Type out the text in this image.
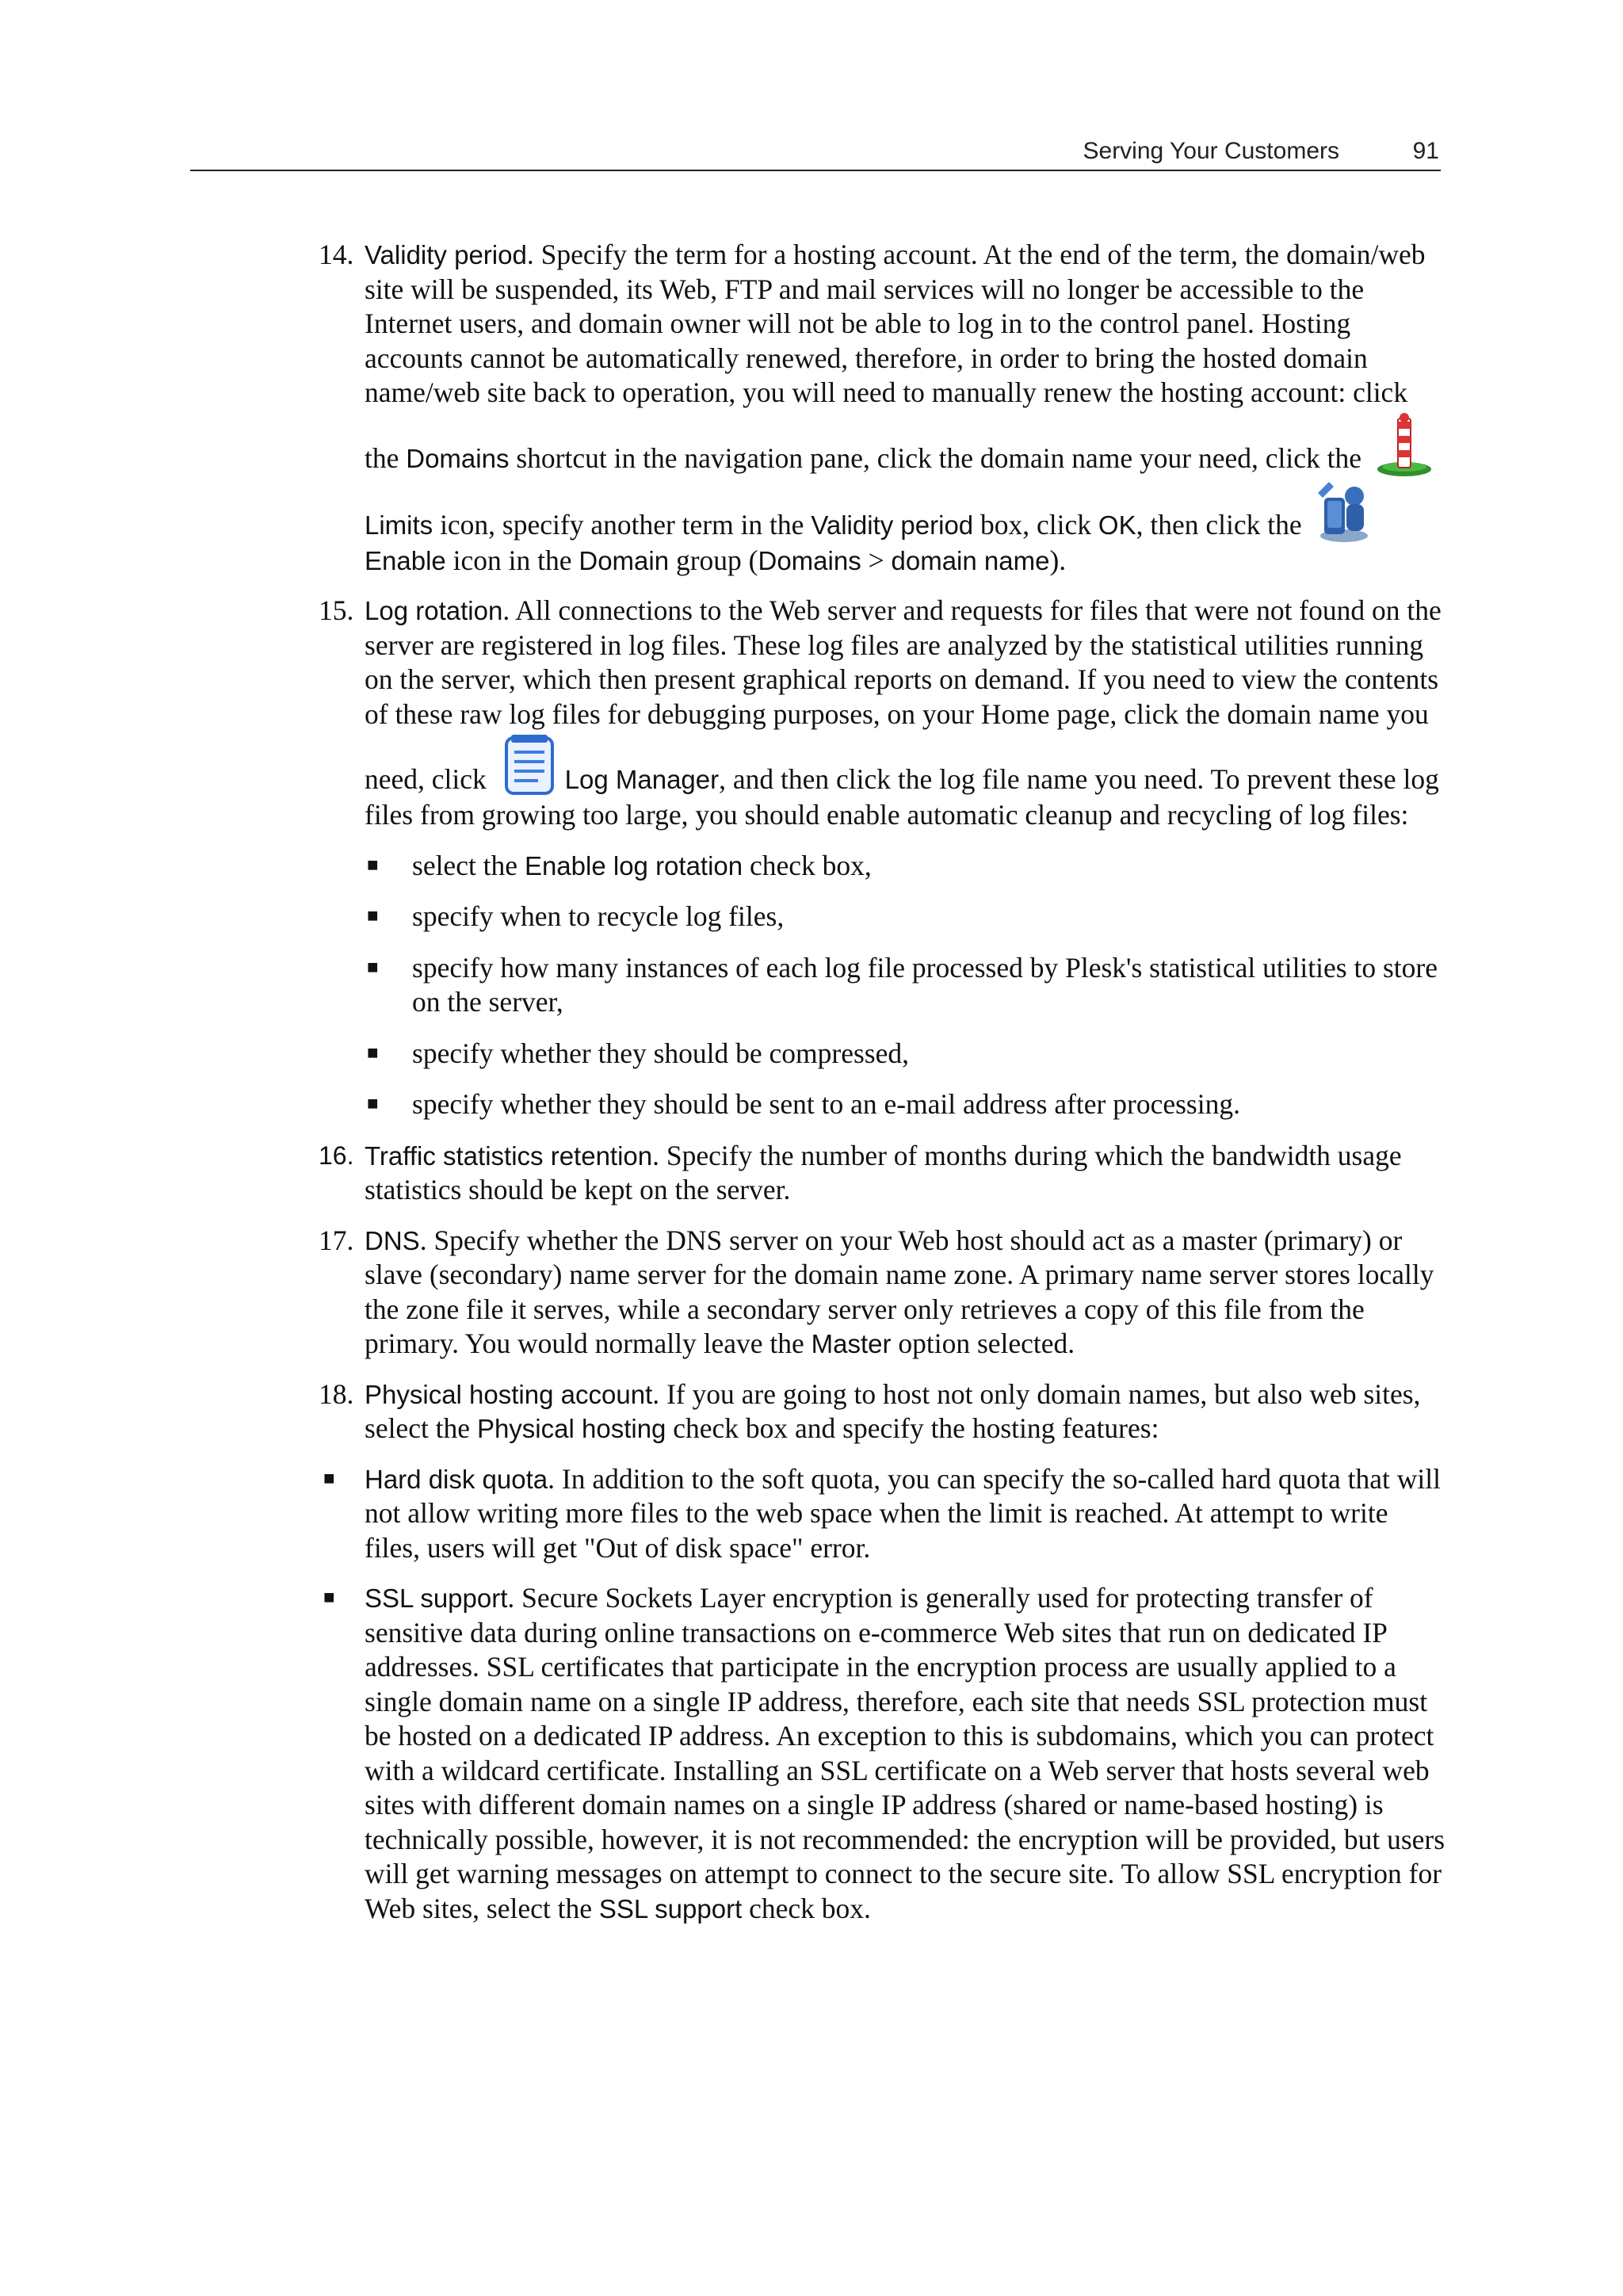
Serving Your Customers	91
14. Validity period. Specify the term for a hosting account. At the end of the term, the domain/web site will be suspended, its Web, FTP and mail services will no longer be accessible to the Internet users, and domain owner will not be able to log in to the control panel. Hosting accounts cannot be automatically renewed, therefore, in order to bring the hosted domain name/web site back to operation, you will need to manually renew the hosting account: click the Domains shortcut in the navigation pane, click the domain name your need, click the
Limits icon, specify another term in the Validity period box, click OK, then click the
Enable icon in the Domain group (Domains > domain name).
15. Log rotation. All connections to the Web server and requests for files that were not found on the server are registered in log files. These log files are analyzed by the statistical utilities running on the server, which then present graphical reports on demand. If you need to view the contents of these raw log files for debugging purposes, on your Home page, click the domain name you need, click	Log Manager, and then click the log file name you need. To prevent these log files from growing too large, you should enable automatic cleanup and recycling of log files:
■ select the Enable log rotation check box,
■ specify when to recycle log files,
■ specify how many instances of each log file processed by Plesk's statistical utilities to store on the server,
■ specify whether they should be compressed,
■ specify whether they should be sent to an e-mail address after processing.
16. Traffic statistics retention. Specify the number of months during which the bandwidth usage statistics should be kept on the server.
17. DNS. Specify whether the DNS server on your Web host should act as a master (primary) or slave (secondary) name server for the domain name zone. A primary name server stores locally the zone file it serves, while a secondary server only retrieves a copy of this file from the primary. You would normally leave the Master option selected.
18. Physical hosting account. If you are going to host not only domain names, but also web sites, select the Physical hosting check box and specify the hosting features:
■ Hard disk quota. In addition to the soft quota, you can specify the so-called hard quota that will not allow writing more files to the web space when the limit is reached. At attempt to write files, users will get "Out of disk space" error.
■ SSL support. Secure Sockets Layer encryption is generally used for protecting transfer of sensitive data during online transactions on e-commerce Web sites that run on dedicated IP addresses. SSL certificates that participate in the encryption process are usually applied to a single domain name on a single IP address, therefore, each site that needs SSL protection must be hosted on a dedicated IP address. An exception to this is subdomains, which you can protect with a wildcard certificate. Installing an SSL certificate on a Web server that hosts several web sites with different domain names on a single IP address (shared or name-based hosting) is technically possible, however, it is not recommended: the encryption will be provided, but users will get warning messages on attempt to connect to the secure site. To allow SSL encryption for Web sites, select the SSL support check box.
